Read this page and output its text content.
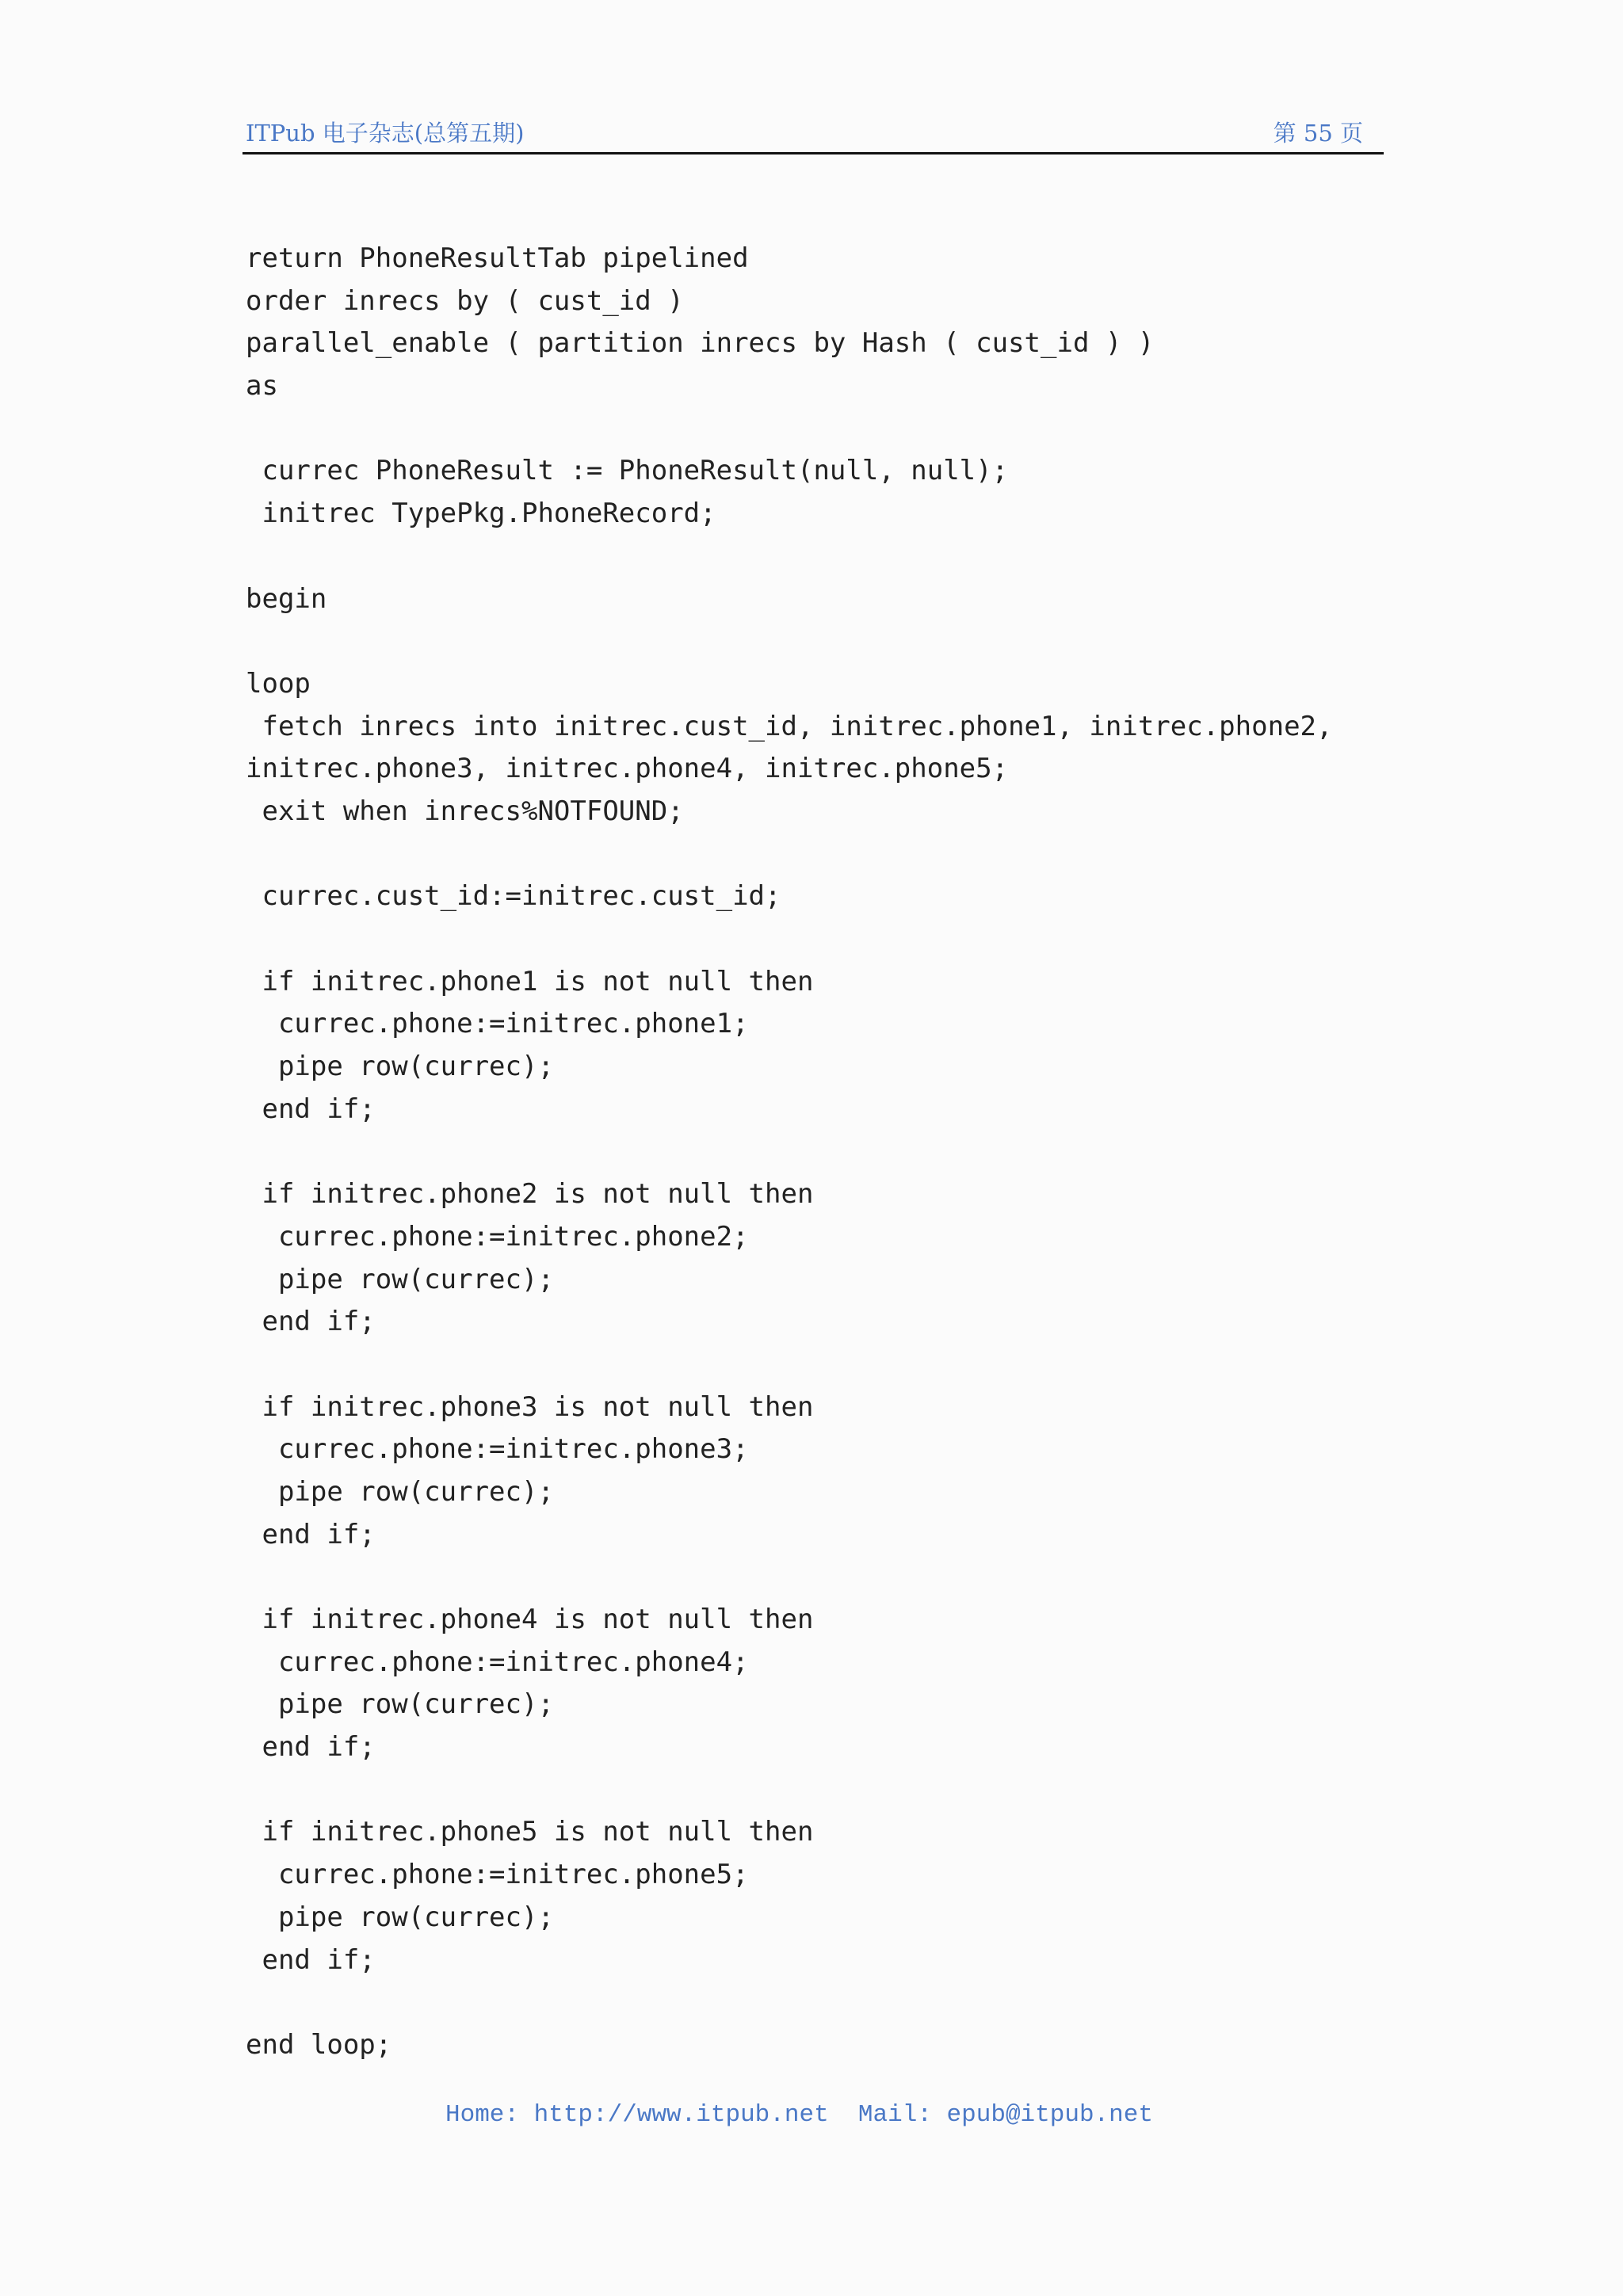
ITPub 电子杂志(总第五期)	第 55 页
return PhoneResultTab pipelined
order inrecs by ( cust_id )
parallel_enable ( partition inrecs by Hash ( cust_id ) )
as
currec PhoneResult := PhoneResult(null, null);
initrec TypePkg.PhoneRecord;
begin
loop
fetch inrecs into initrec.cust_id, initrec.phone1, initrec.phone2,
initrec.phone3, initrec.phone4, initrec.phone5;
exit when inrecs%NOTFOUND;
currec.cust_id:=initrec.cust_id;
if initrec.phone1 is not null then
currec.phone:=initrec.phone1;
pipe row(currec);
end if;
if initrec.phone2 is not null then
currec.phone:=initrec.phone2;
pipe row(currec);
end if;
if initrec.phone3 is not null then
currec.phone:=initrec.phone3;
pipe row(currec);
end if;
if initrec.phone4 is not null then
currec.phone:=initrec.phone4;
pipe row(currec);
end if;
if initrec.phone5 is not null then
currec.phone:=initrec.phone5;
pipe row(currec);
end if;
end loop;
Home: http://www.itpub.net Mail: epub@itpub.net
